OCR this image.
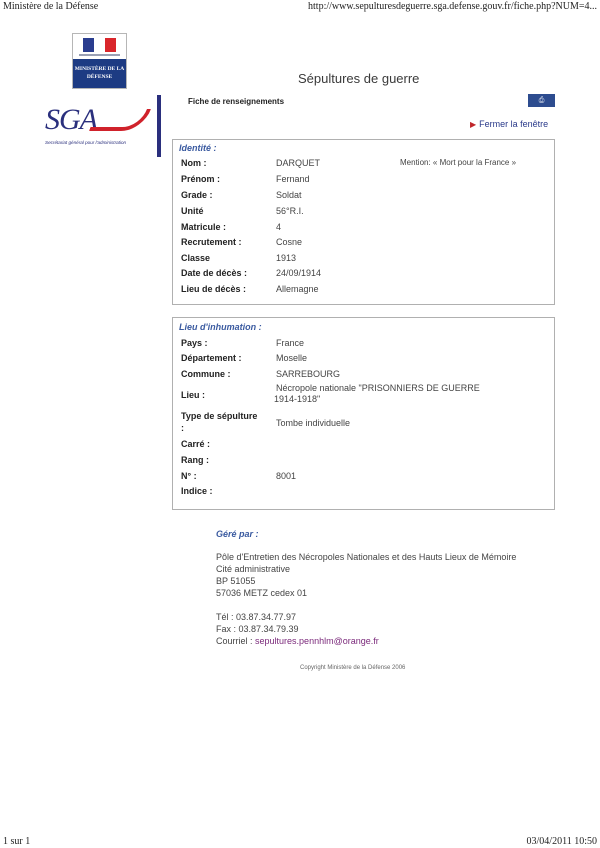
Ministère de la Défense	http://www.sepulturesdeguerre.sga.defense.gouv.fr/fiche.php?NUM=4...
1 sur 1	03/04/2011 10:50
MINISTÈRE DE LA DÉFENSE
SGA
Secrétariat général pour l'administration
Sépultures de guerre
Fiche de renseignements	⎙
▶ Fermer la fenêtre
Identité :
Mention: « Mort pour la France »
Nom :	DARQUET
Prénom :	Fernand
Grade :	Soldat
Unité	56°R.I.
Matricule :	4
Recrutement :	Cosne
Classe	1913
Date de décès :	24/09/1914
Lieu de décès :	Allemagne
Lieu d'inhumation :
Pays :	France
Département :	Moselle
Commune :	SARREBOURG
Lieu :
Nécropole nationale "PRISONNIERS DE GUERRE
1914-1918"
Type de sépulture
:	Tombe individuelle
Carré :
Rang :
N° :	8001
Indice :
Géré par :
Pôle d'Entretien des Nécropoles Nationales et des Hauts Lieux de Mémoire
Cité administrative
BP 51055
57036 METZ cedex 01
Tél : 03.87.34.77.97
Fax : 03.87.34.79.39
Courriel : sepultures.pennhlm@orange.fr
Copyright Ministère de la Défense 2006
